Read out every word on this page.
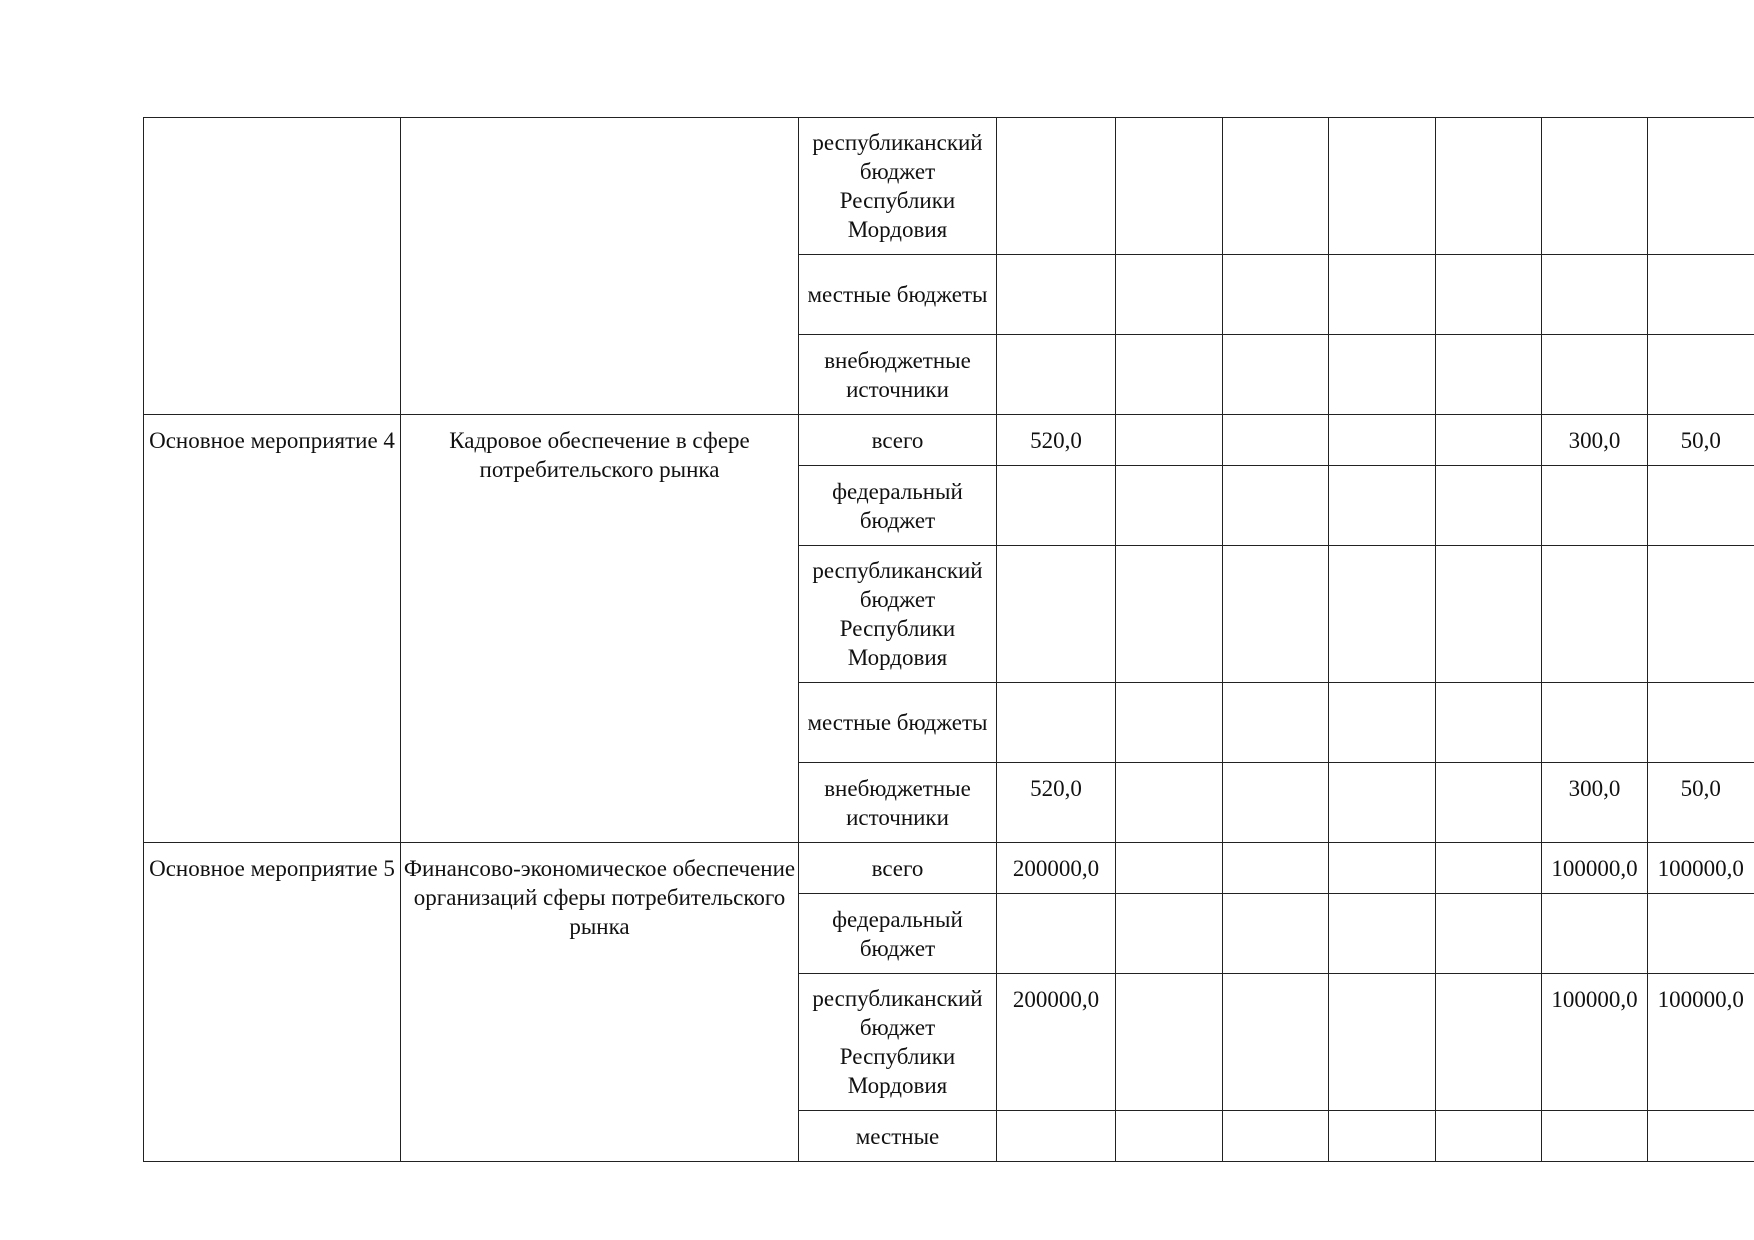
		республиканский бюджет Республики Мордовия							
		местные бюджеты							
		внебюджетные источники							
Основное мероприятие 4	Кадровое обеспечение в сфере потребительского рынка	всего	520,0					300,0	50,0
		федеральный бюджет							
		республиканский бюджет Республики Мордовия							
		местные бюджеты							
		внебюджетные источники	520,0					300,0	50,0
Основное мероприятие 5	Финансово-экономическое обеспечение организаций сферы потребительского рынка	всего	200000,0					100000,0	100000,0
		федеральный бюджет							
		республиканский бюджет Республики Мордовия	200000,0					100000,0	100000,0
		местные							
